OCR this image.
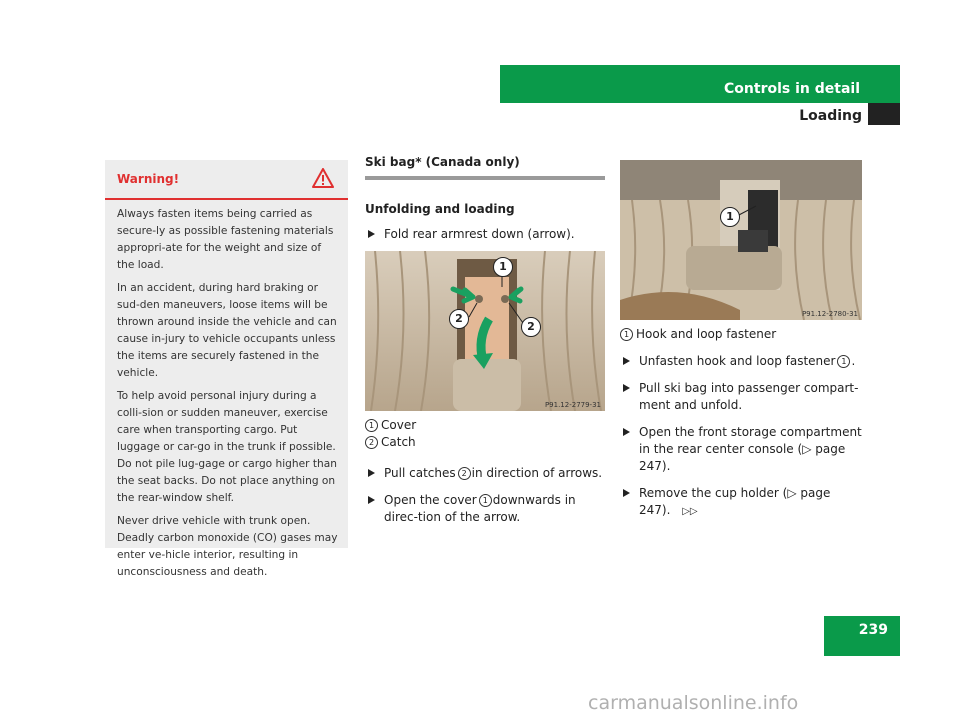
Controls in detail
Loading
Warning!

Always fasten items being carried as secure-ly as possible fastening materials appropri-ate for the weight and size of the load.

In an accident, during hard braking or sud-den maneuvers, loose items will be thrown around inside the vehicle and can cause in-jury to vehicle occupants unless the items are securely fastened in the vehicle.

To help avoid personal injury during a colli-sion or sudden maneuver, exercise care when transporting cargo. Put luggage or car-go in the trunk if possible. Do not pile lug-gage or cargo higher than the seat backs. Do not place anything on the rear-window shelf.

Never drive vehicle with trunk open. Deadly carbon monoxide (CO) gases may enter ve-hicle interior, resulting in unconsciousness and death.

Ski bag* (Canada only)
Unfolding and loading
Fold rear armrest down (arrow).
1
2
2
P91.12-2779-31
1 Cover
2 Catch
Pull catches 2 in direction of arrows.
Open the cover 1 downwards in direc-tion of the arrow.
1
P91.12-2780-31
1 Hook and loop fastener
Unfasten hook and loop fastener 1 .
Pull ski bag into passenger compart-ment and unfold.
Open the front storage compartment in the rear center console (▷ page 247).
Remove the cup holder (▷ page 247). ▷▷
239
carmanualsonline.info
